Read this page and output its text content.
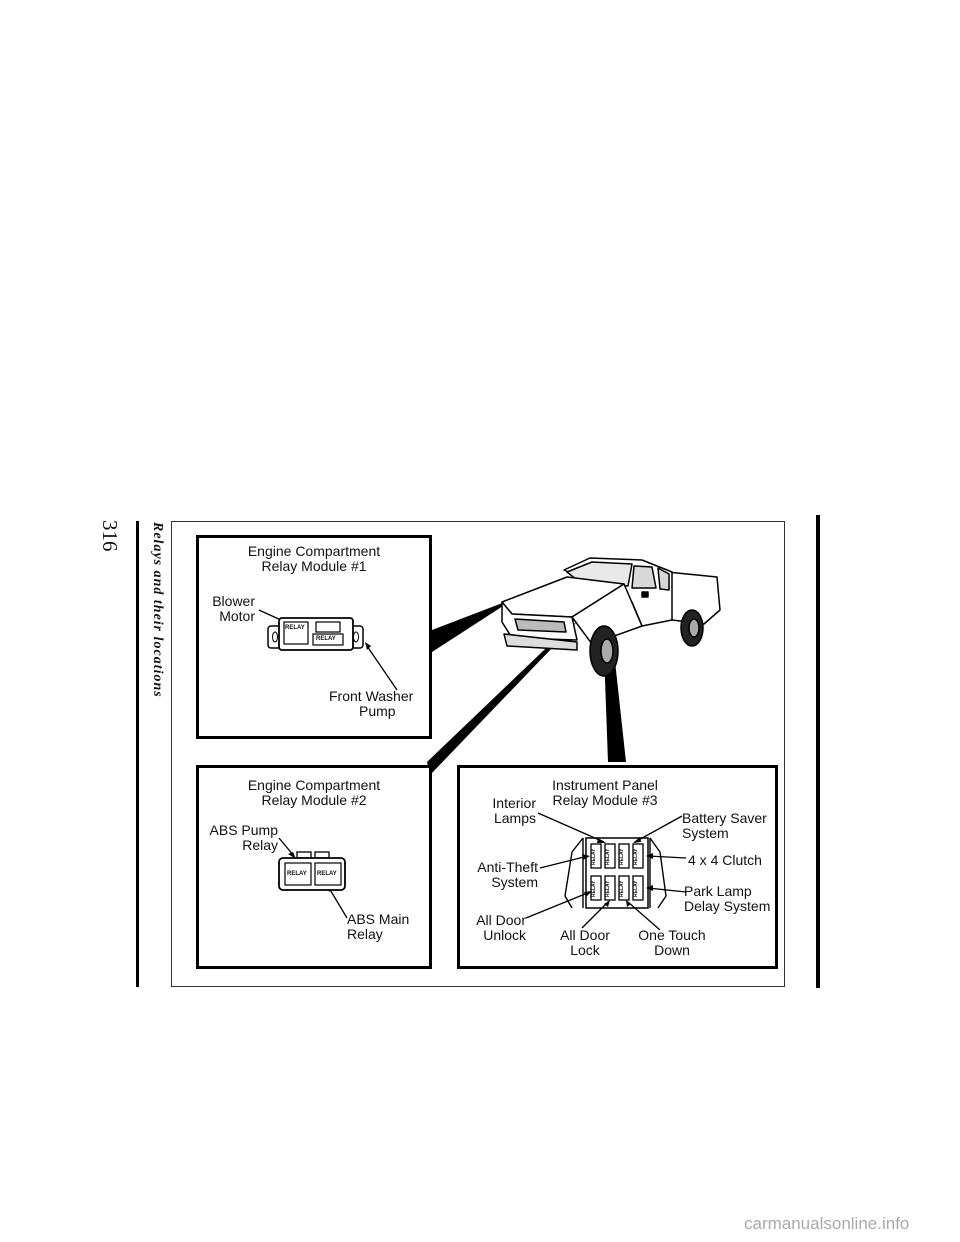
316 Relays and their locations	Engine Compartment
Relay Module #1
Blower
Motor
Front Washer
Pump
RELAY
RELAY
Engine Compartment
Relay Module #2
ABS Pump
Relay
ABS Main
Relay
RELAY RELAY
Instrument Panel
Relay Module #3
Interior
Lamps	Battery Saver
System
4 x 4 Clutch
Anti-Theft
System
Park Lamp
Delay System
All Door
Unlock	All Door
Lock
One Touch
Down
RELAY RELAY RELAY RELAY
RELAY RELAY RELAY RELAY
carmanualsonline.info
